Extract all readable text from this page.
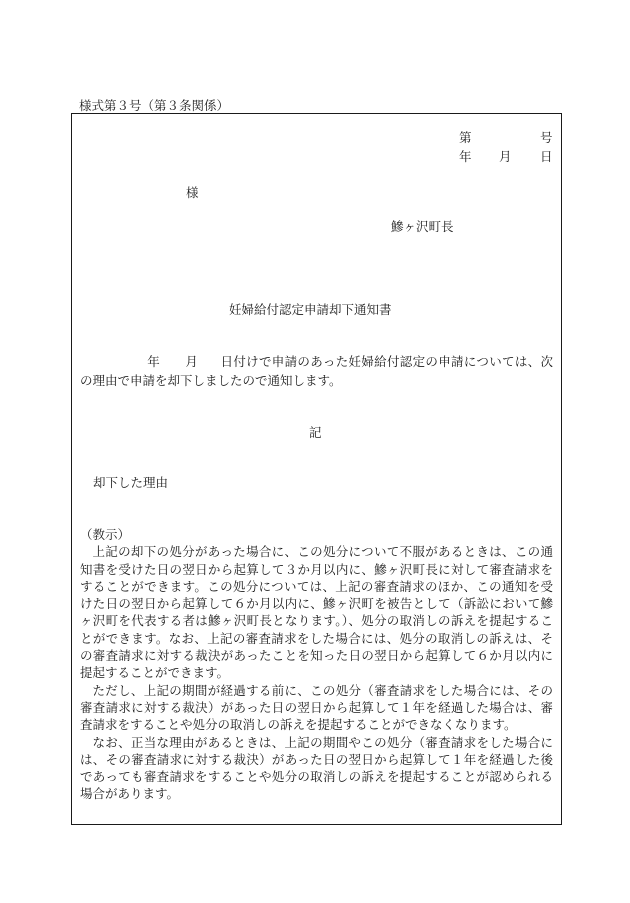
様式第３号（第３条関係）
第	号
年 月 日
様
鰺ヶ沢町長
妊婦給付認定申請却下通知書
年 月 日付けで申請のあった妊婦給付認定の申請については、次の理由で申請を却下しましたので通知します。
記
却下した理由
（教示）

上記の却下の処分があった場合に、この処分について不服があるときは、この通知書を受けた日の翌日から起算して３か月以内に、鰺ヶ沢町長に対して審査請求をすることができます。この処分については、上記の審査請求のほか、この通知を受けた日の翌日から起算して６か月以内に、鰺ヶ沢町を被告として（訴訟において鰺ヶ沢町を代表する者は鰺ヶ沢町長となります。）、処分の取消しの訴えを提起することができます。なお、上記の審査請求をした場合には、処分の取消しの訴えは、その審査請求に対する裁決があったことを知った日の翌日から起算して６か月以内に提起することができます。

ただし、上記の期間が経過する前に、この処分（審査請求をした場合には、その審査請求に対する裁決）があった日の翌日から起算して１年を経過した場合は、審査請求をすることや処分の取消しの訴えを提起することができなくなります。

なお、正当な理由があるときは、上記の期間やこの処分（審査請求をした場合には、その審査請求に対する裁決）があった日の翌日から起算して１年を経過した後であっても審査請求をすることや処分の取消しの訴えを提起することが認められる場合があります。
